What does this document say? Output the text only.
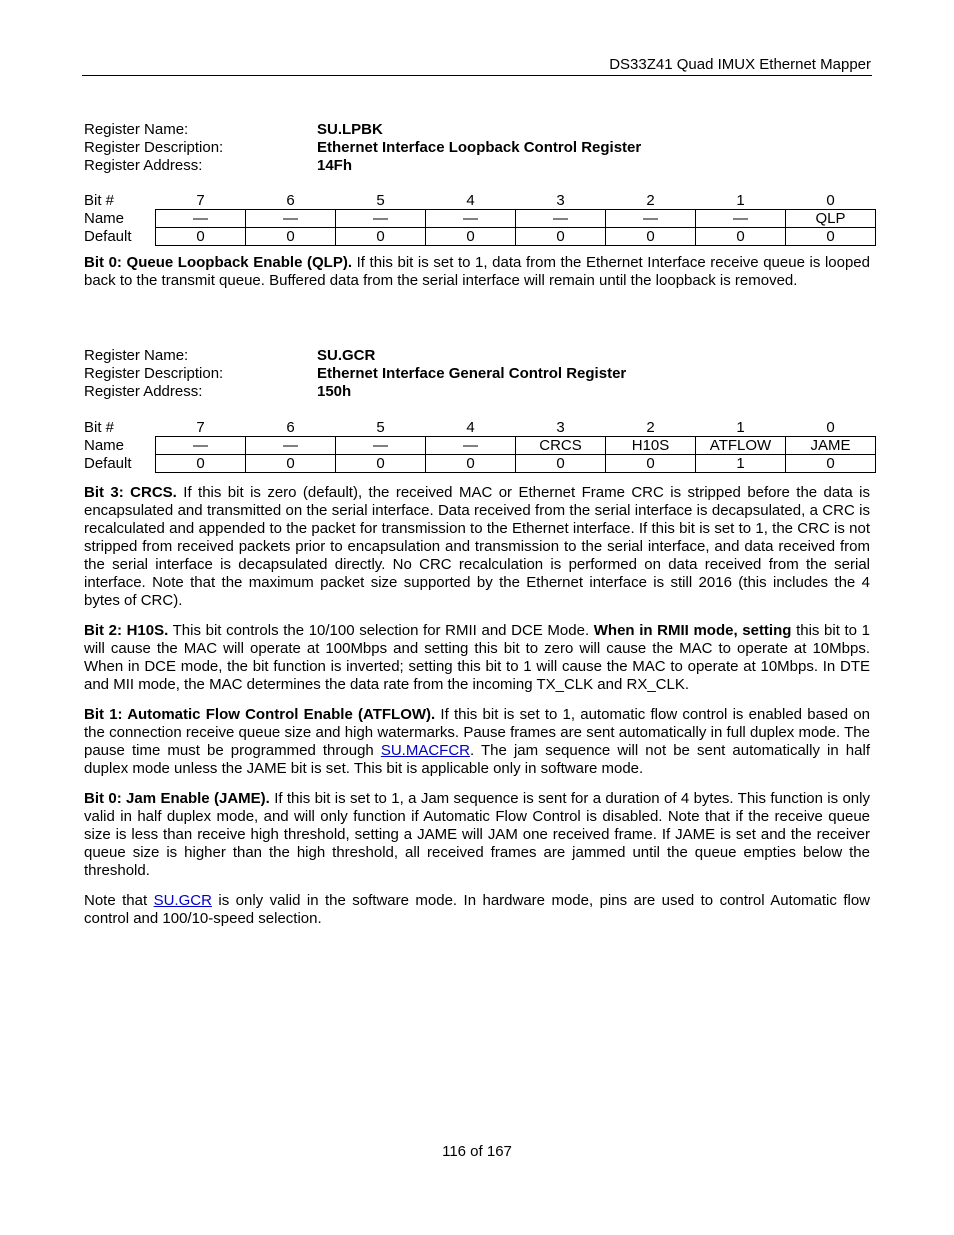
DS33Z41 Quad IMUX Ethernet Mapper
Register Name:	SU.LPBK
Register Description:	Ethernet Interface Loopback Control Register
Register Address:	14Fh
Bit #	7	6	5	4	3	2	1	0
Name	—	—	—	—	—	—	—	QLP
Default	0	0	0	0	0	0	0	0
Bit 0: Queue Loopback Enable (QLP). If this bit is set to 1, data from the Ethernet Interface receive queue is looped back to the transmit queue. Buffered data from the serial interface will remain until the loopback is removed.
Register Name:	SU.GCR
Register Description:	Ethernet Interface General Control Register
Register Address:	150h
Bit #	7	6	5	4	3	2	1	0
Name	—	—	—	—	CRCS	H10S	ATFLOW	JAME
Default	0	0	0	0	0	0	1	0
Bit 3: CRCS. If this bit is zero (default), the received MAC or Ethernet Frame CRC is stripped before the data is encapsulated and transmitted on the serial interface. Data received from the serial interface is decapsulated, a CRC is recalculated and appended to the packet for transmission to the Ethernet interface. If this bit is set to 1, the CRC is not stripped from received packets prior to encapsulation and transmission to the serial interface, and data received from the serial interface is decapsulated directly. No CRC recalculation is performed on data received from the serial interface. Note that the maximum packet size supported by the Ethernet interface is still 2016 (this includes the 4 bytes of CRC).
Bit 2: H10S. This bit controls the 10/100 selection for RMII and DCE Mode. When in RMII mode, setting this bit to 1 will cause the MAC will operate at 100Mbps and setting this bit to zero will cause the MAC to operate at 10Mbps. When in DCE mode, the bit function is inverted; setting this bit to 1 will cause the MAC to operate at 10Mbps. In DTE and MII mode, the MAC determines the data rate from the incoming TX_CLK and RX_CLK.
Bit 1: Automatic Flow Control Enable (ATFLOW). If this bit is set to 1, automatic flow control is enabled based on the connection receive queue size and high watermarks. Pause frames are sent automatically in full duplex mode. The pause time must be programmed through SU.MACFCR. The jam sequence will not be sent automatically in half duplex mode unless the JAME bit is set. This bit is applicable only in software mode.
Bit 0: Jam Enable (JAME). If this bit is set to 1, a Jam sequence is sent for a duration of 4 bytes. This function is only valid in half duplex mode, and will only function if Automatic Flow Control is disabled. Note that if the receive queue size is less than receive high threshold, setting a JAME will JAM one received frame. If JAME is set and the receiver queue size is higher than the high threshold, all received frames are jammed until the queue empties below the threshold.
Note that SU.GCR is only valid in the software mode. In hardware mode, pins are used to control Automatic flow control and 100/10-speed selection.
116 of 167
